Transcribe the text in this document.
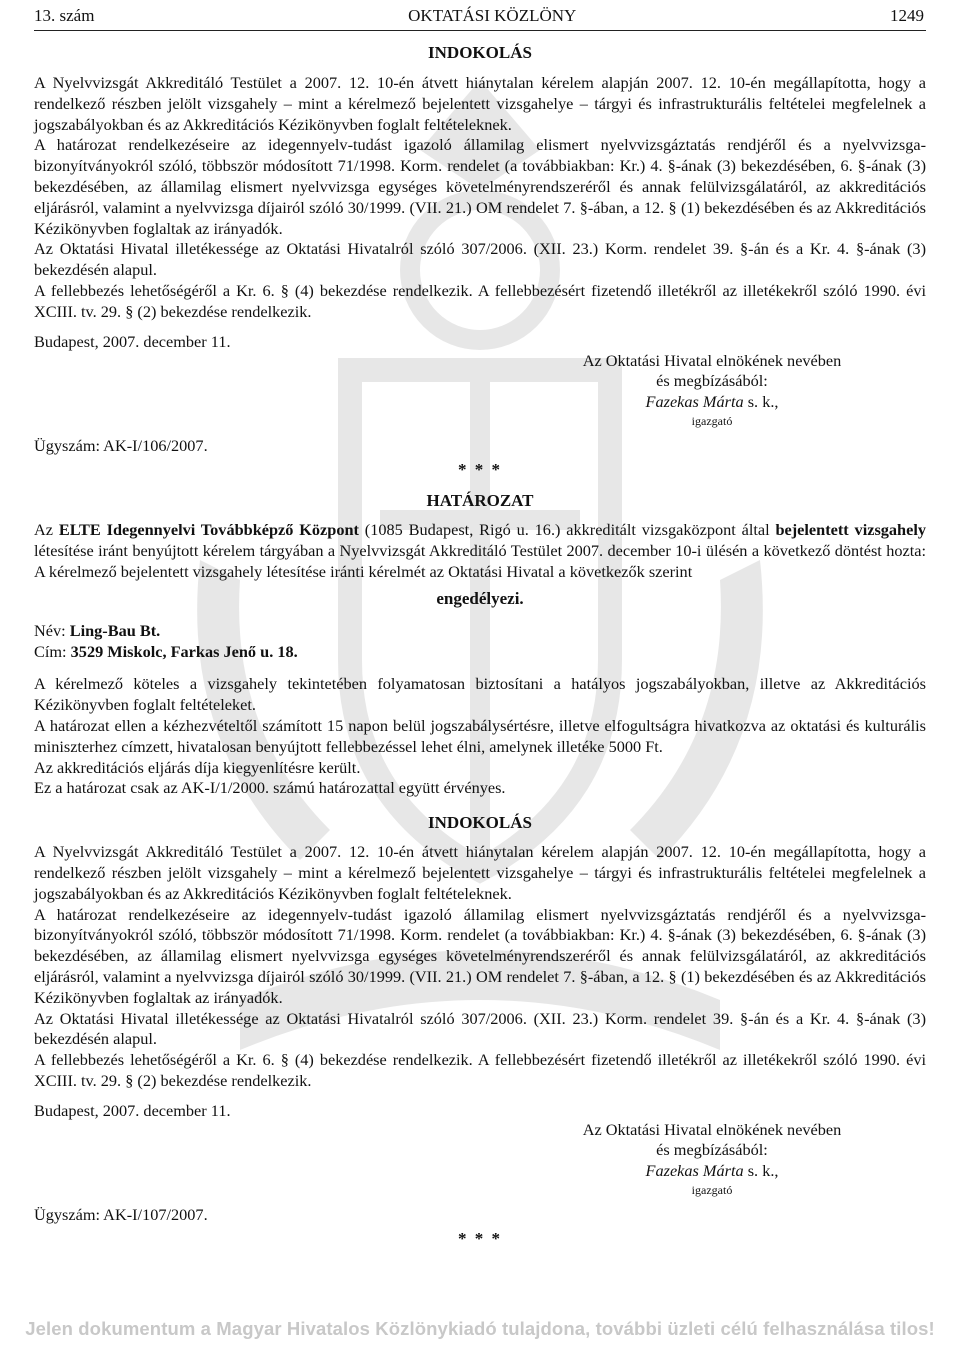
13. szám	OKTATÁSI KÖZLÖNY	1249
INDOKOLÁS

A Nyelvvizsgát Akkreditáló Testület a 2007. 12. 10-én átvett hiánytalan kérelem alapján 2007. 12. 10-én megállapította, hogy a rendelkező részben jelölt vizsgahely – mint a kérelmező bejelentett vizsgahelye – tárgyi és infrastrukturális feltételei megfelelnek a jogszabályokban és az Akkreditációs Kézikönyvben foglalt feltételeknek.

A határozat rendelkezéseire az idegennyelv-tudást igazoló államilag elismert nyelvvizsgáztatás rendjéről és a nyelvvizsga-bizonyítványokról szóló, többször módosított 71/1998. Korm. rendelet (a továbbiakban: Kr.) 4. §-ának (3) bekezdésében, 6. §-ának (3) bekezdésében, az államilag elismert nyelvvizsga egységes követelményrendszeréről és annak felülvizsgálatáról, az akkreditációs eljárásról, valamint a nyelvvizsga díjairól szóló 30/1999. (VII. 21.) OM rendelet 7. §-ában, a 12. § (1) bekezdésében és az Akkreditációs Kézikönyvben foglaltak az irányadók.

Az Oktatási Hivatal illetékessége az Oktatási Hivatalról szóló 307/2006. (XII. 23.) Korm. rendelet 39. §-án és a Kr. 4. §-ának (3) bekezdésén alapul.

A fellebbezés lehetőségéről a Kr. 6. § (4) bekezdése rendelkezik. A fellebbezésért fizetendő illetékről az illetékekről szóló 1990. évi XCIII. tv. 29. § (2) bekezdése rendelkezik.

Budapest, 2007. december 11.
Az Oktatási Hivatal elnökének nevében
és megbízásából:
Fazekas Márta s. k.,
igazgató
Ügyszám: AK-I/106/2007.
* * *
HATÁROZAT

Az ELTE Idegennyelvi Továbbképző Központ (1085 Budapest, Rigó u. 16.) akkreditált vizsgaközpont által bejelentett vizsgahely létesítése iránt benyújtott kérelem tárgyában a Nyelvvizsgát Akkreditáló Testület 2007. december 10-i ülésén a következő döntést hozta: A kérelmező bejelentett vizsgahely létesítése iránti kérelmét az Oktatási Hivatal a következők szerint

engedélyezi.

Név: Ling-Bau Bt.

Cím: 3529 Miskolc, Farkas Jenő u. 18.

A kérelmező köteles a vizsgahely tekintetében folyamatosan biztosítani a hatályos jogszabályokban, illetve az Akkreditációs Kézikönyvben foglalt feltételeket.

A határozat ellen a kézhezvételtől számított 15 napon belül jogszabálysértésre, illetve elfogultságra hivatkozva az oktatási és kulturális miniszterhez címzett, hivatalosan benyújtott fellebbezéssel lehet élni, amelynek illetéke 5000 Ft.

Az akkreditációs eljárás díja kiegyenlítésre került.

Ez a határozat csak az AK-I/1/2000. számú határozattal együtt érvényes.

INDOKOLÁS

A Nyelvvizsgát Akkreditáló Testület a 2007. 12. 10-én átvett hiánytalan kérelem alapján 2007. 12. 10-én megállapította, hogy a rendelkező részben jelölt vizsgahely – mint a kérelmező bejelentett vizsgahelye – tárgyi és infrastrukturális feltételei megfelelnek a jogszabályokban és az Akkreditációs Kézikönyvben foglalt feltételeknek.

A határozat rendelkezéseire az idegennyelv-tudást igazoló államilag elismert nyelvvizsgáztatás rendjéről és a nyelvvizsga-bizonyítványokról szóló, többször módosított 71/1998. Korm. rendelet (a továbbiakban: Kr.) 4. §-ának (3) bekezdésében, 6. §-ának (3) bekezdésében, az államilag elismert nyelvvizsga egységes követelményrendszeréről és annak felülvizsgálatáról, az akkreditációs eljárásról, valamint a nyelvvizsga díjairól szóló 30/1999. (VII. 21.) OM rendelet 7. §-ában, a 12. § (1) bekezdésében és az Akkreditációs Kézikönyvben foglaltak az irányadók.

Az Oktatási Hivatal illetékessége az Oktatási Hivatalról szóló 307/2006. (XII. 23.) Korm. rendelet 39. §-án és a Kr. 4. §-ának (3) bekezdésén alapul.

A fellebbezés lehetőségéről a Kr. 6. § (4) bekezdése rendelkezik. A fellebbezésért fizetendő illetékről az illetékekről szóló 1990. évi XCIII. tv. 29. § (2) bekezdése rendelkezik.

Budapest, 2007. december 11.
Az Oktatási Hivatal elnökének nevében
és megbízásából:
Fazekas Márta s. k.,
igazgató
Ügyszám: AK-I/107/2007.
* * *
Jelen dokumentum a Magyar Hivatalos Közlönykiadó tulajdona, további üzleti célú felhasználása tilos!
